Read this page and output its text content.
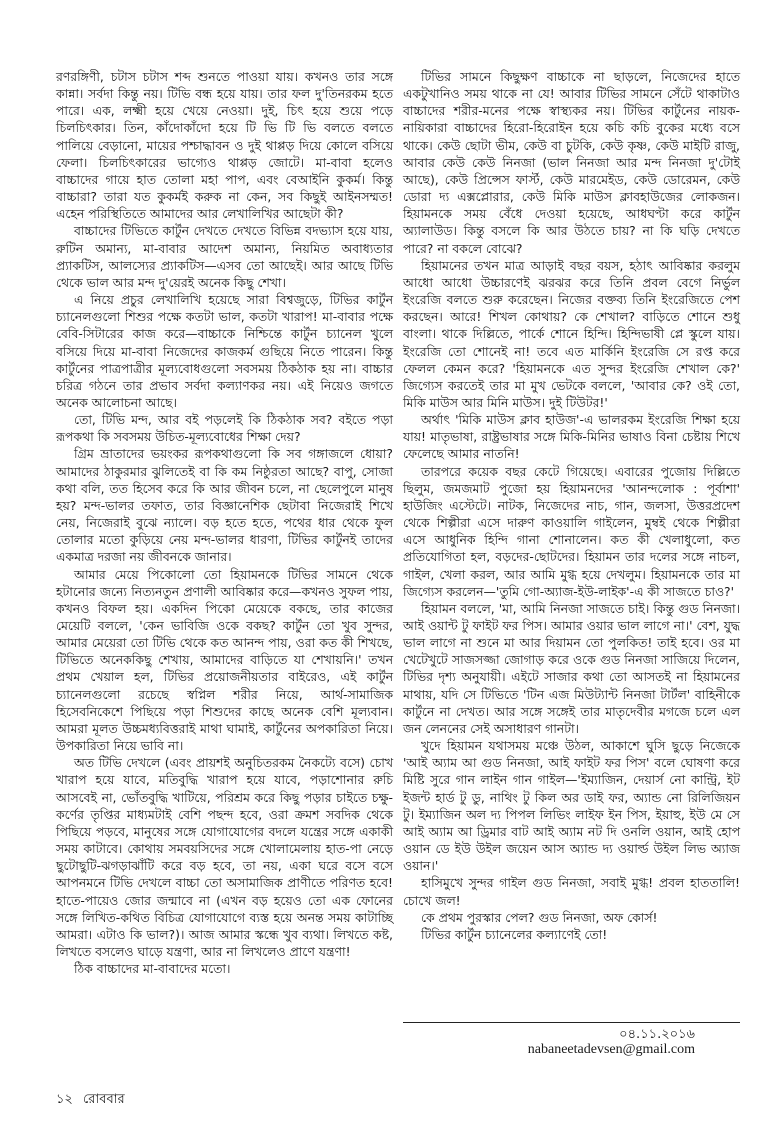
রণরঙ্গিণী, চটাস চটাস শব্দ শুনতে পাওয়া যায়। কখনও তার সঙ্গে কান্না। সর্বদা কিন্তু নয়। টিভি বন্ধ হয়ে যায়। তার ফল দু'তিনরকম হতে পারে। এক, লক্ষ্মী হয়ে খেয়ে নেওয়া। দুই, চিৎ হয়ে শুয়ে পড়ে চিলচিৎকার। তিন, কাঁদোকাঁদো হয়ে টি ভি টি ভি বলতে বলতে পালিয়ে বেড়ানো, মায়ের পশ্চাদ্ধাবন ও দুই থাপ্পড় দিয়ে কোলে বসিয়ে ফেলা। চিলচিৎকারের ভাগ্যেও থাপ্পড় জোটে। মা-বাবা হলেও বাচ্চাদের গায়ে হাত তোলা মহা পাপ, এবং বেআইনি কুকর্ম। কিন্তু বাচ্চারা? তারা যত কুকর্মই করুক না কেন, সব কিছুই আইনসম্মত! এহেন পরিস্থিতিতে আমাদের আর লেখালিখির আছেটা কী?

বাচ্চাদের টিভিতে কার্টুন দেখতে দেখতে বিভিন্ন বদভ্যাস হয়ে যায়, রুটিন অমান্য, মা-বাবার আদেশ অমান্য, নিয়মিত অবাধ্যতার প্র্যাকটিস, আলস্যের প্র্যাকটিস—এসব তো আছেই। আর আছে টিভি থেকে ভাল আর মন্দ দু'য়েরই অনেক কিছু শেখা।

এ নিয়ে প্রচুর লেখালিখি হয়েছে সারা বিশ্বজুড়ে, টিভির কার্টুন চ্যানেলগুলো শিশুর পক্ষে কতটা ভাল, কতটা খারাপ! মা-বাবার পক্ষে বেবি-সিটারের কাজ করে—বাচ্চাকে নিশ্চিন্তে কার্টুন চ্যানেল খুলে বসিয়ে দিয়ে মা-বাবা নিজেদের কাজকর্ম গুছিয়ে নিতে পারেন। কিন্তু কার্টুনের পাত্রপাত্রীর মূল্যবোধগুলো সবসময় ঠিকঠাক হয় না। বাচ্চার চরিত্র গঠনে তার প্রভাব সর্বদা কল্যাণকর নয়। এই নিয়েও জগতে অনেক আলোচনা আছে।

তো, টিভি মন্দ, আর বই পড়লেই কি ঠিকঠাক সব? বইতে পড়া রূপকথা কি সবসময় উচিত-মূল্যবোধের শিক্ষা দেয়?

গ্রিম ভ্রাতাদের ভয়ংকর রূপকথাগুলো কি সব গঙ্গাজলে ধোয়া? আমাদের ঠাকুরমার ঝুলিতেই বা কি কম নিষ্ঠুরতা আছে? বাপু, সোজা কথা বলি, তত হিসেব করে কি আর জীবন চলে, না ছেলেপুলে মানুষ হয়? মন্দ-ভালর তফাত, তার বিজ্ঞানেশিক ছেটাবা নিজেরাই শিখে নেয়, নিজেরাই বুঝে ন্যালে। বড় হতে হতে, পথের ধার থেকে ফুল তোলার মতো কুড়িয়ে নেয় মন্দ-ভালর ধারণা, টিভির কার্টুনই তাদের একমাত্র দরজা নয় জীবনকে জানার।

আমার মেয়ে পিকোলো তো হিয়ামনকে টিভির সামনে থেকে হটানোর জন্যে নিত্যনতুন প্রণালী আবিষ্কার করে—কখনও সুফল পায়, কখনও বিফল হয়। একদিন পিকো মেয়েকে বকছে, তার কাজের মেয়েটি বললে, 'কেন ভাবিজি ওকে বকছ? কার্টুন তো খুব সুন্দর, আমার মেয়েরা তো টিভি থেকে কত আনন্দ পায়, ওরা কত কী শিখছে, টিভিতে অনেককিছু শেখায়, আমাদের বাড়িতে যা শেখায়নি।' তখন প্রথম খেয়াল হল, টিভির প্রয়োজনীয়তার বাইরেও, এই কার্টুন চ্যানেলগুলো রচেছে স্বপ্নিল শরীর নিয়ে, আর্থ-সামাজিক হিসেবনিকেশে পিছিয়ে পড়া শিশুদের কাছে অনেক বেশি মূল্যবান। আমরা মূলত উচ্চমধ্যবিত্তরাই মাথা ঘামাই, কার্টুনের অপকারিতা নিয়ে। উপকারিতা নিয়ে ভাবি না।

অত টিভি দেখলে (এবং প্রায়শই অনুচিতরকম নৈকট্যে বসে) চোখ খারাপ হয়ে যাবে, মতিবুদ্ধি খারাপ হয়ে যাবে, পড়াশোনার রুচি আসবেই না, ভোঁতবুদ্ধি খাটিয়ে, পরিশ্রম করে কিছু পড়ার চাইতে চক্ষু-কর্ণের তৃপ্তির মাধ্যমটাই বেশি পছন্দ হবে, ওরা ক্রমশ সবদিক থেকে পিছিয়ে পড়বে, মানুষের সঙ্গে যোগাযোগের বদলে যন্ত্রের সঙ্গে একাকী সময় কাটাবে। কোথায় সমবয়সিদের সঙ্গে খোলামেলায় হাত-পা নেড়ে ছুটোছুটি-ঝগড়াঝাঁটি করে বড় হবে, তা নয়, একা ঘরে বসে বসে আপনমনে টিভি দেখলে বাচ্চা তো অসামাজিক প্রাণীতে পরিণত হবে! হাতে-পায়েও জোর জন্মাবে না (এখন বড় হয়েও তো এক ফোনের সঙ্গে লিখিত-কথিত বিচিত্র যোগাযোগে ব্যস্ত হয়ে অনন্ত সময় কাটাচ্ছি আমরা। এটাও কি ভাল?)। আজ আমার স্কন্ধে খুব ব্যথা। লিখতে কষ্ট, লিখতে বসলেও ঘাড়ে যন্ত্রণা, আর না লিখলেও প্রাণে যন্ত্রণা!

ঠিক বাচ্চাদের মা-বাবাদের মতো।

টিভির সামনে কিছুক্ষণ বাচ্চাকে না ছাড়লে, নিজেদের হাতে একটুখানিও সময় থাকে না যে! আবার টিভির সামনে সেঁটে থাকাটাও বাচ্চাদের শরীর-মনের পক্ষে স্বাস্থ্যকর নয়। টিভির কার্টুনের নায়ক-নায়িকারা বাচ্চাদের হিরো-হিরোইন হয়ে কচি কচি বুকের মধ্যে বসে থাকে। কেউ ছোটা ভীম, কেউ বা চুটকি, কেউ কৃষ্ণ, কেউ মাইটি রাজু, আবার কেউ কেউ নিনজা (ভাল নিনজা আর মন্দ নিনজা দু'টোই আছে), কেউ প্রিন্সেস ফার্স্ট, কেউ মারমেইড, কেউ ডোরেমন, কেউ ডোরা দ্য এক্সপ্লোরার, কেউ মিকি মাউস ক্লাবহাউজের লোকজন। হিয়ামনকে সময় বেঁধে দেওয়া হয়েছে, আধঘণ্টা করে কার্টুন অ্যালাউড। কিন্তু বসলে কি আর উঠতে চায়? না কি ঘড়ি দেখতে পারে? না বকলে বোঝে?

হিয়ামনের তখন মাত্র আড়াই বছর বয়স, হঠাৎ আবিষ্কার করলুম আধো আধো উচ্চারণেই ঝরঝর করে তিনি প্রবল বেগে নির্ভুল ইংরেজি বলতে শুরু করেছেন। নিজের বক্তব্য তিনি ইংরেজিতে পেশ করছেন। আরে! শিখল কোথায়? কে শেখাল? বাড়িতে শোনে শুধু বাংলা। থাকে দিল্লিতে, পার্কে শোনে হিন্দি। হিন্দিভাষী প্লে স্কুলে যায়। ইংরেজি তো শোনেই না! তবে এত মার্কিনি ইংরেজি সে রপ্ত করে ফেলল কেমন করে? 'হিয়ামনকে এত সুন্দর ইংরেজি শেখাল কে?' জিগ্যেস করতেই তার মা মুখ ভেটকে বললে, 'আবার কে? ওই তো, মিকি মাউস আর মিনি মাউস। দুই টিউটর!'

অর্থাৎ 'মিকি মাউস ক্লাব হাউজ'-এ ভালরকম ইংরেজি শিক্ষা হয়ে যায়! মাতৃভাষা, রাষ্ট্রভাষার সঙ্গে মিকি-মিনির ভাষাও বিনা চেষ্টায় শিখে ফেলেছে আমার নাতনি!

তারপরে কয়েক বছর কেটে গিয়েছে। এবারের পুজোয় দিল্লিতে ছিলুম, জমজমাট পুজো হয় হিয়ামনদের 'আনন্দলোক : পূর্বাশা' হাউজিং এস্টেটে। নাটক, নিজেদের নাচ, গান, জলসা, উত্তরপ্রদেশ থেকে শিল্পীরা এসে দারুণ কাওয়ালি গাইলেন, মুম্বই থেকে শিল্পীরা এসে আধুনিক হিন্দি গানা শোনালেন। কত কী খেলাধুলো, কত প্রতিযোগিতা হল, বড়দের-ছোটদের। হিয়ামন তার দলের সঙ্গে নাচল, গাইল, খেলা করল, আর আমি মুগ্ধ হয়ে দেখলুম। হিয়ামনকে তার মা জিগ্যেস করলেন—'তুমি গো-অ্যাজ-ইউ-লাইক'-এ কী সাজতে চাও?'

হিয়ামন বললে, 'মা, আমি নিনজা সাজতে চাই। কিন্তু গুড নিনজা। আই ওয়ান্ট টু ফাইট ফর পিস। আমার ওয়ার ভাল লাগে না।' বেশ, যুদ্ধ ভাল লাগে না শুনে মা আর দিয়ামন তো পুলকিত! তাই হবে। ওর মা খেটেখুটে সাজসজ্জা জোগাড় করে ওকে গুড নিনজা সাজিয়ে দিলেন, টিভির দৃশ্য অনুযায়ী। এইটে সাজার কথা তো আসতই না হিয়ামনের মাথায়, যদি সে টিভিতে 'টিন এজ মিউট্যান্ট নিনজা টার্টল' বাহিনীকে কার্টুনে না দেখত। আর সঙ্গে সঙ্গেই তার মাতৃদেবীর মগজে চলে এল জন লেননের সেই অসাধারণ গানটা।

খুদে হিয়ামন যথাসময় মঞ্চে উঠল, আকাশে ঘুসি ছুড়ে নিজেকে 'আই অ্যাম আ গুড নিনজা, আই ফাইট ফর পিস' বলে ঘোষণা করে মিষ্টি সুরে গান লাইন গান গাইল—'ইম্যাজিন, দেয়ার্স নো কান্ট্রি, ইট ইজন্ট হার্ড টু ডু, নাথিং টু কিল অর ডাই ফর, অ্যান্ড নো রিলিজিয়ন টু। ইম্যাজিন অল দ্য পিপল লিভিং লাইফ ইন পিস, ইয়াহু, ইউ মে সে আই অ্যাম আ ড্রিমার বাট আই অ্যাম নট দি ওনলি ওয়ান, আই হোপ ওয়ান ডে ইউ উইল জয়েন আস অ্যান্ড দ্য ওয়ার্ল্ড উইল লিভ অ্যাজ ওয়ান।'

হাসিমুখে সুন্দর গাইল গুড নিনজা, সবাই মুগ্ধ! প্রবল হাততালি! চোখে জল!

কে প্রথম পুরস্কার পেল? গুড নিনজা, অফ কোর্স!

টিভির কার্টুন চ্যানেলের কল্যাণেই তো!

০৪.১১.২০১৬
nabaneetadevsen@gmail.com
১২ রোববার
